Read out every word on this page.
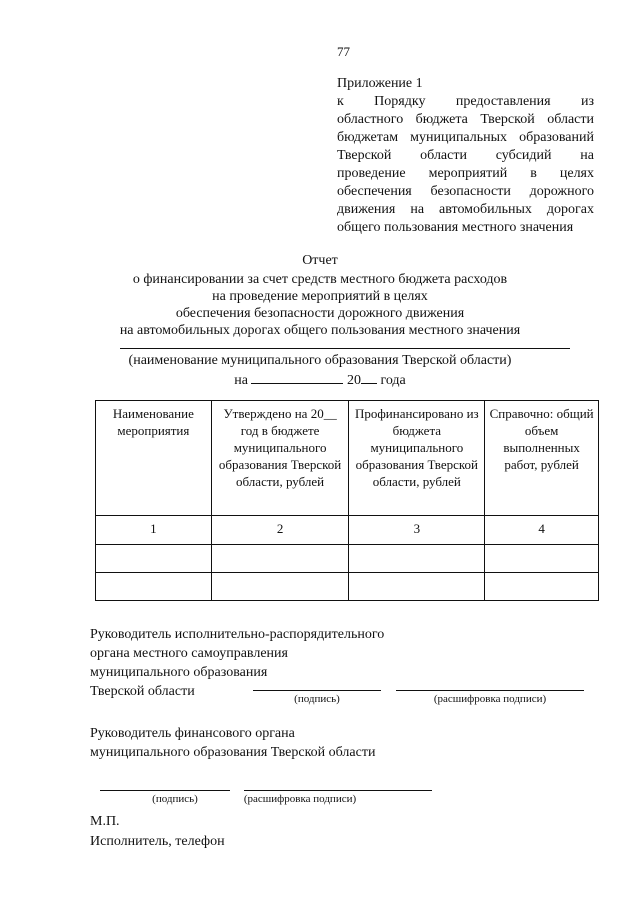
77
Приложение 1
к Порядку предоставления из
областного бюджета Тверской области
бюджетам муниципальных образований
Тверской области субсидий на
проведение мероприятий в целях
обеспечения безопасности дорожного
движения на автомобильных дорогах
общего пользования местного значения
Отчет
о финансировании за счет средств местного бюджета расходов
на проведение мероприятий в целях
обеспечения безопасности дорожного движения
на автомобильных дорогах общего пользования местного значения
(наименование муниципального образования Тверской области)
на	20 года
Наименование мероприятия	Утверждено на 20__ год в бюджете муниципального образования Тверской области, рублей	Профинансировано из бюджета муниципального образования Тверской области, рублей	Справочно: общий объем выполненных работ, рублей
1	2	3	4

Руководитель исполнительно-распорядительного
органа местного самоуправления
муниципального образования
Тверской области	(подпись)	(расшифровка подписи)
Руководитель финансового органа
муниципального образования Тверской области
(подпись)	(расшифровка подписи)
М.П.
Исполнитель, телефон
